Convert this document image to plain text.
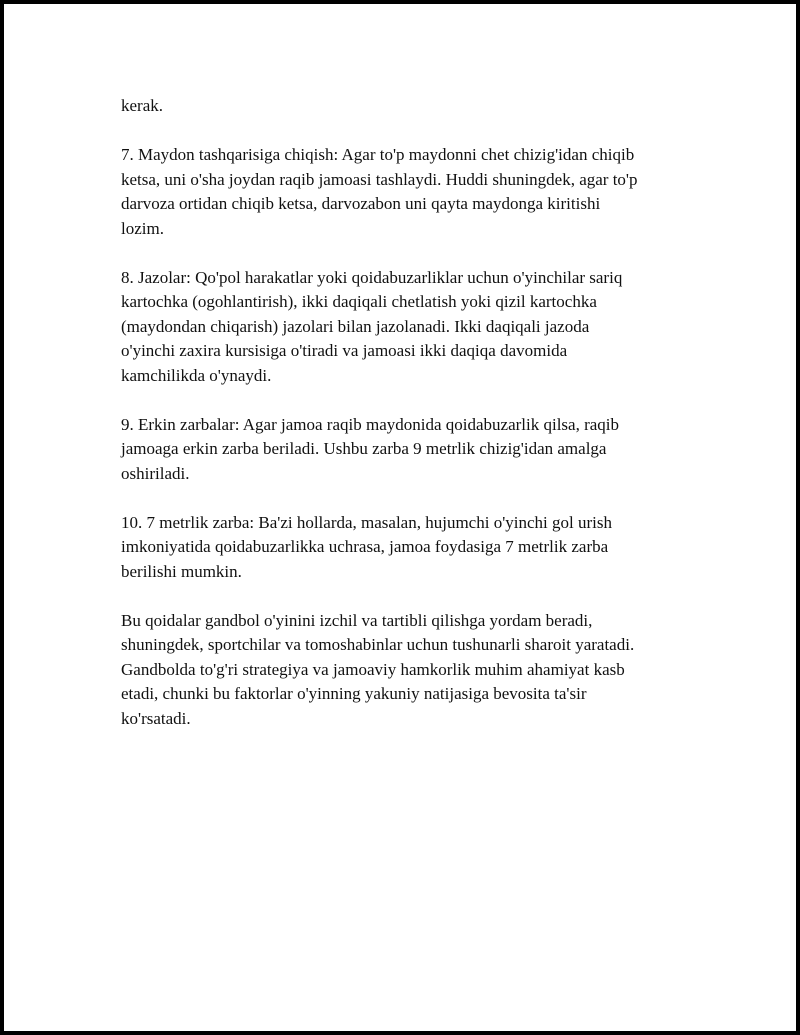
kerak.

7. Maydon tashqarisiga chiqish: Agar to'p maydonni chet chizig'idan chiqib
ketsa, uni o'sha joydan raqib jamoasi tashlaydi. Huddi shuningdek, agar to'p
darvoza ortidan chiqib ketsa, darvozabon uni qayta maydonga kiritishi
lozim.

8. Jazolar: Qo'pol harakatlar yoki qoidabuzarliklar uchun o'yinchilar sariq
kartochka (ogohlantirish), ikki daqiqali chetlatish yoki qizil kartochka
(maydondan chiqarish) jazolari bilan jazolanadi. Ikki daqiqali jazoda
o'yinchi zaxira kursisiga o'tiradi va jamoasi ikki daqiqa davomida
kamchilikda o'ynaydi.

9. Erkin zarbalar: Agar jamoa raqib maydonida qoidabuzarlik qilsa, raqib
jamoaga erkin zarba beriladi. Ushbu zarba 9 metrlik chizig'idan amalga
oshiriladi.

10. 7 metrlik zarba: Ba'zi hollarda, masalan, hujumchi o'yinchi gol urish
imkoniyatida qoidabuzarlikka uchrasa, jamoa foydasiga 7 metrlik zarba
berilishi mumkin.

Bu qoidalar gandbol o'yinini izchil va tartibli qilishga yordam beradi,
shuningdek, sportchilar va tomoshabinlar uchun tushunarli sharoit yaratadi.
Gandbolda to'g'ri strategiya va jamoaviy hamkorlik muhim ahamiyat kasb
etadi, chunki bu faktorlar o'yinning yakuniy natijasiga bevosita ta'sir
ko'rsatadi.
